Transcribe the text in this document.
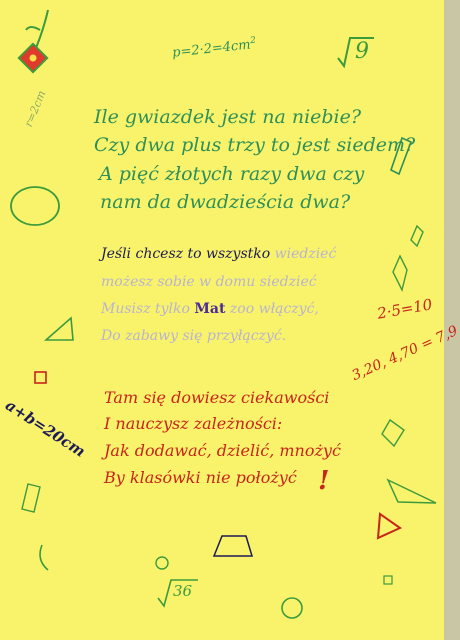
$p=2\cdot 2=4cm^2$	9
r=2cm
2·5=10
3,20, 4,70 = 7,9
a+b=20cm
36
Ile gwiazdek jest na niebie?
Czy dwa plus trzy to jest siedem?
A pięć złotych razy dwa czy
nam da dwadzieścia dwa?
Jeśli chcesz to wszystko wiedzieć
możesz sobie w domu siedzieć
Musisz tylko Mat zoo włączyć,
Do zabawy się przyłączyć.
Tam się dowiesz ciekawości
I nauczysz zależności:
Jak dodawać, dzielić, mnożyć
By klasówki nie położyć !
